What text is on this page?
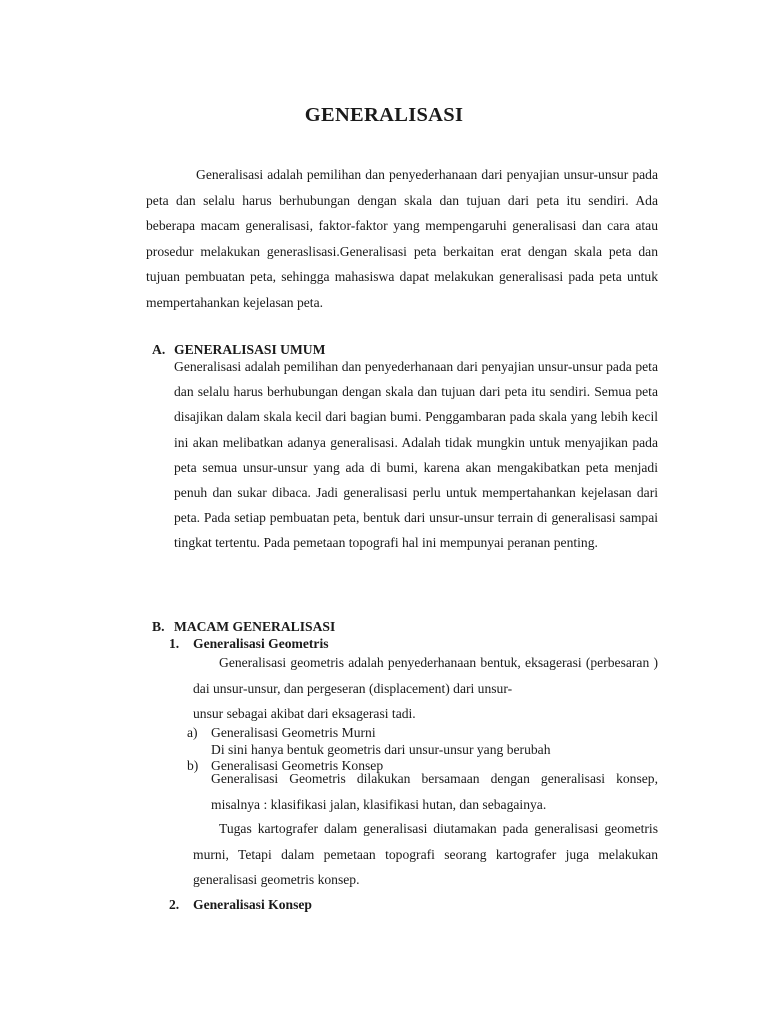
GENERALISASI

Generalisasi adalah pemilihan dan penyederhanaan dari penyajian unsur-unsur pada peta dan selalu harus berhubungan dengan skala dan tujuan dari peta itu sendiri. Ada beberapa macam generalisasi, faktor-faktor yang mempengaruhi generalisasi dan cara atau prosedur melakukan generaslisasi.Generalisasi peta berkaitan erat dengan skala peta dan tujuan pembuatan peta, sehingga mahasiswa dapat melakukan generalisasi pada peta untuk mempertahankan kejelasan peta.

A. GENERALISASI UMUM

Generalisasi adalah pemilihan dan penyederhanaan dari penyajian unsur-unsur pada peta dan selalu harus berhubungan dengan skala dan tujuan dari peta itu sendiri. Semua peta disajikan dalam skala kecil dari bagian bumi. Penggambaran pada skala yang lebih kecil ini akan melibatkan adanya generalisasi. Adalah tidak mungkin untuk menyajikan pada peta semua unsur-unsur yang ada di bumi, karena akan mengakibatkan peta menjadi penuh dan sukar dibaca. Jadi generalisasi perlu untuk mempertahankan kejelasan dari peta. Pada setiap pembuatan peta, bentuk dari unsur-unsur terrain di generalisasi sampai tingkat tertentu. Pada pemetaan topografi hal ini mempunyai peranan penting.

B. MACAM GENERALISASI
1. Generalisasi Geometris

Generalisasi geometris adalah penyederhanaan bentuk, eksagerasi (perbesaran ) dai unsur-unsur, dan pergeseran (displacement) dari unsur-

unsur sebagai akibat dari eksagerasi tadi.
a) Generalisasi Geometris Murni
Di sini hanya bentuk geometris dari unsur-unsur yang berubah
b) Generalisasi Geometris Konsep

Generalisasi Geometris dilakukan bersamaan dengan generalisasi konsep, misalnya : klasifikasi jalan, klasifikasi hutan, dan sebagainya.

Tugas kartografer dalam generalisasi diutamakan pada generalisasi geometris murni, Tetapi dalam pemetaan topografi seorang kartografer juga melakukan generalisasi geometris konsep.

2. Generalisasi Konsep
